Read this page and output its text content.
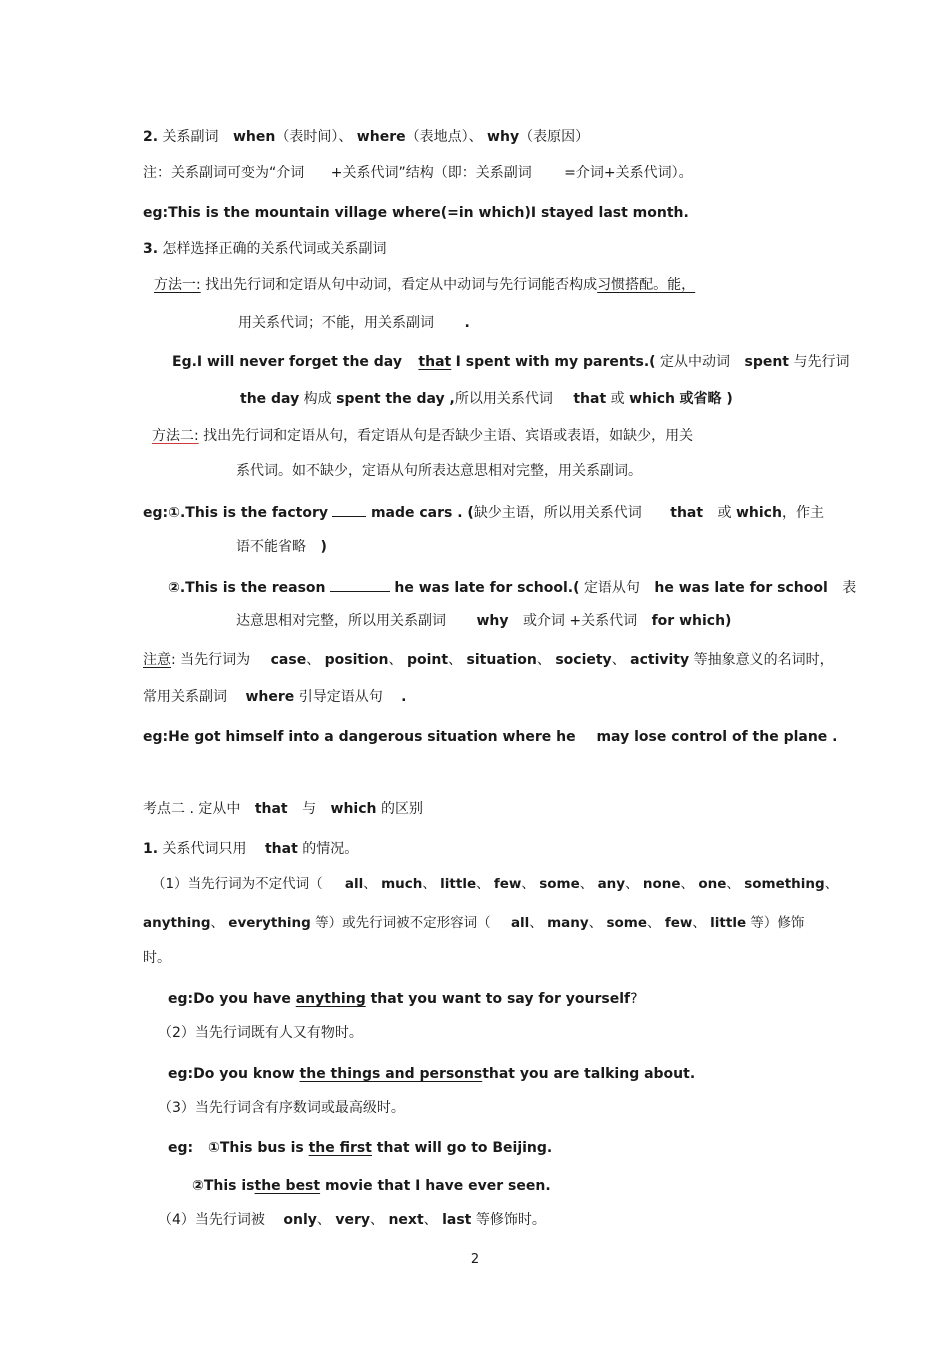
2. 关系副词 when（表时间）、 where（表地点）、 why（表原因）
注：关系副词可变为“介词 +关系代词”结构（即：关系副词 =介词+关系代词）。
eg:This is the mountain village where(=in which)I stayed last month.
3. 怎样选择正确的关系代词或关系副词
方法一: 找出先行词和定语从句中动词，看定从中动词与先行词能否构成习惯搭配。能，
用关系代词；不能，用关系副词 .
Eg.I will never forget the day that I spent with my parents.( 定从中动词 spent 与先行词
the day 构成 spent the day ,所以用关系代词 that 或 which 或省略 )
方法二: 找出先行词和定语从句，看定语从句是否缺少主语、宾语或表语，如缺少，用关
系代词。如不缺少，定语从句所表达意思相对完整，用关系副词。
eg:①.This is the factory	made cars . (缺少主语，所以用关系代词 that 或 which，作主
语不能省略 )
②.This is the reason	he was late for school.( 定语从句 he was late for school 表
达意思相对完整，所以用关系副词 why 或介词 +关系代词 for which)
注意: 当先行词为 case、 position、 point、 situation、 society、 activity 等抽象意义的名词时，
常用关系副词 where 引导定语从句 .
eg:He got himself into a dangerous situation where he may lose control of the plane .
考点二 . 定从中 that 与 which 的区别
1. 关系代词只用 that 的情况。
（1）当先行词为不定代词（ all、 much、 little、 few、 some、 any、 none、 one、 something、
anything、 everything 等）或先行词被不定形容词（ all、 many、 some、 few、 little 等）修饰
时。
eg:Do you have anything that you want to say for yourself?
（2）当先行词既有人又有物时。
eg:Do you know the things and personsthat you are talking about.
（3）当先行词含有序数词或最高级时。
eg: ①This bus is the first that will go to Beijing.
②This isthe best movie that I have ever seen.
（4）当先行词被 only、 very、 next、 last 等修饰时。
2
